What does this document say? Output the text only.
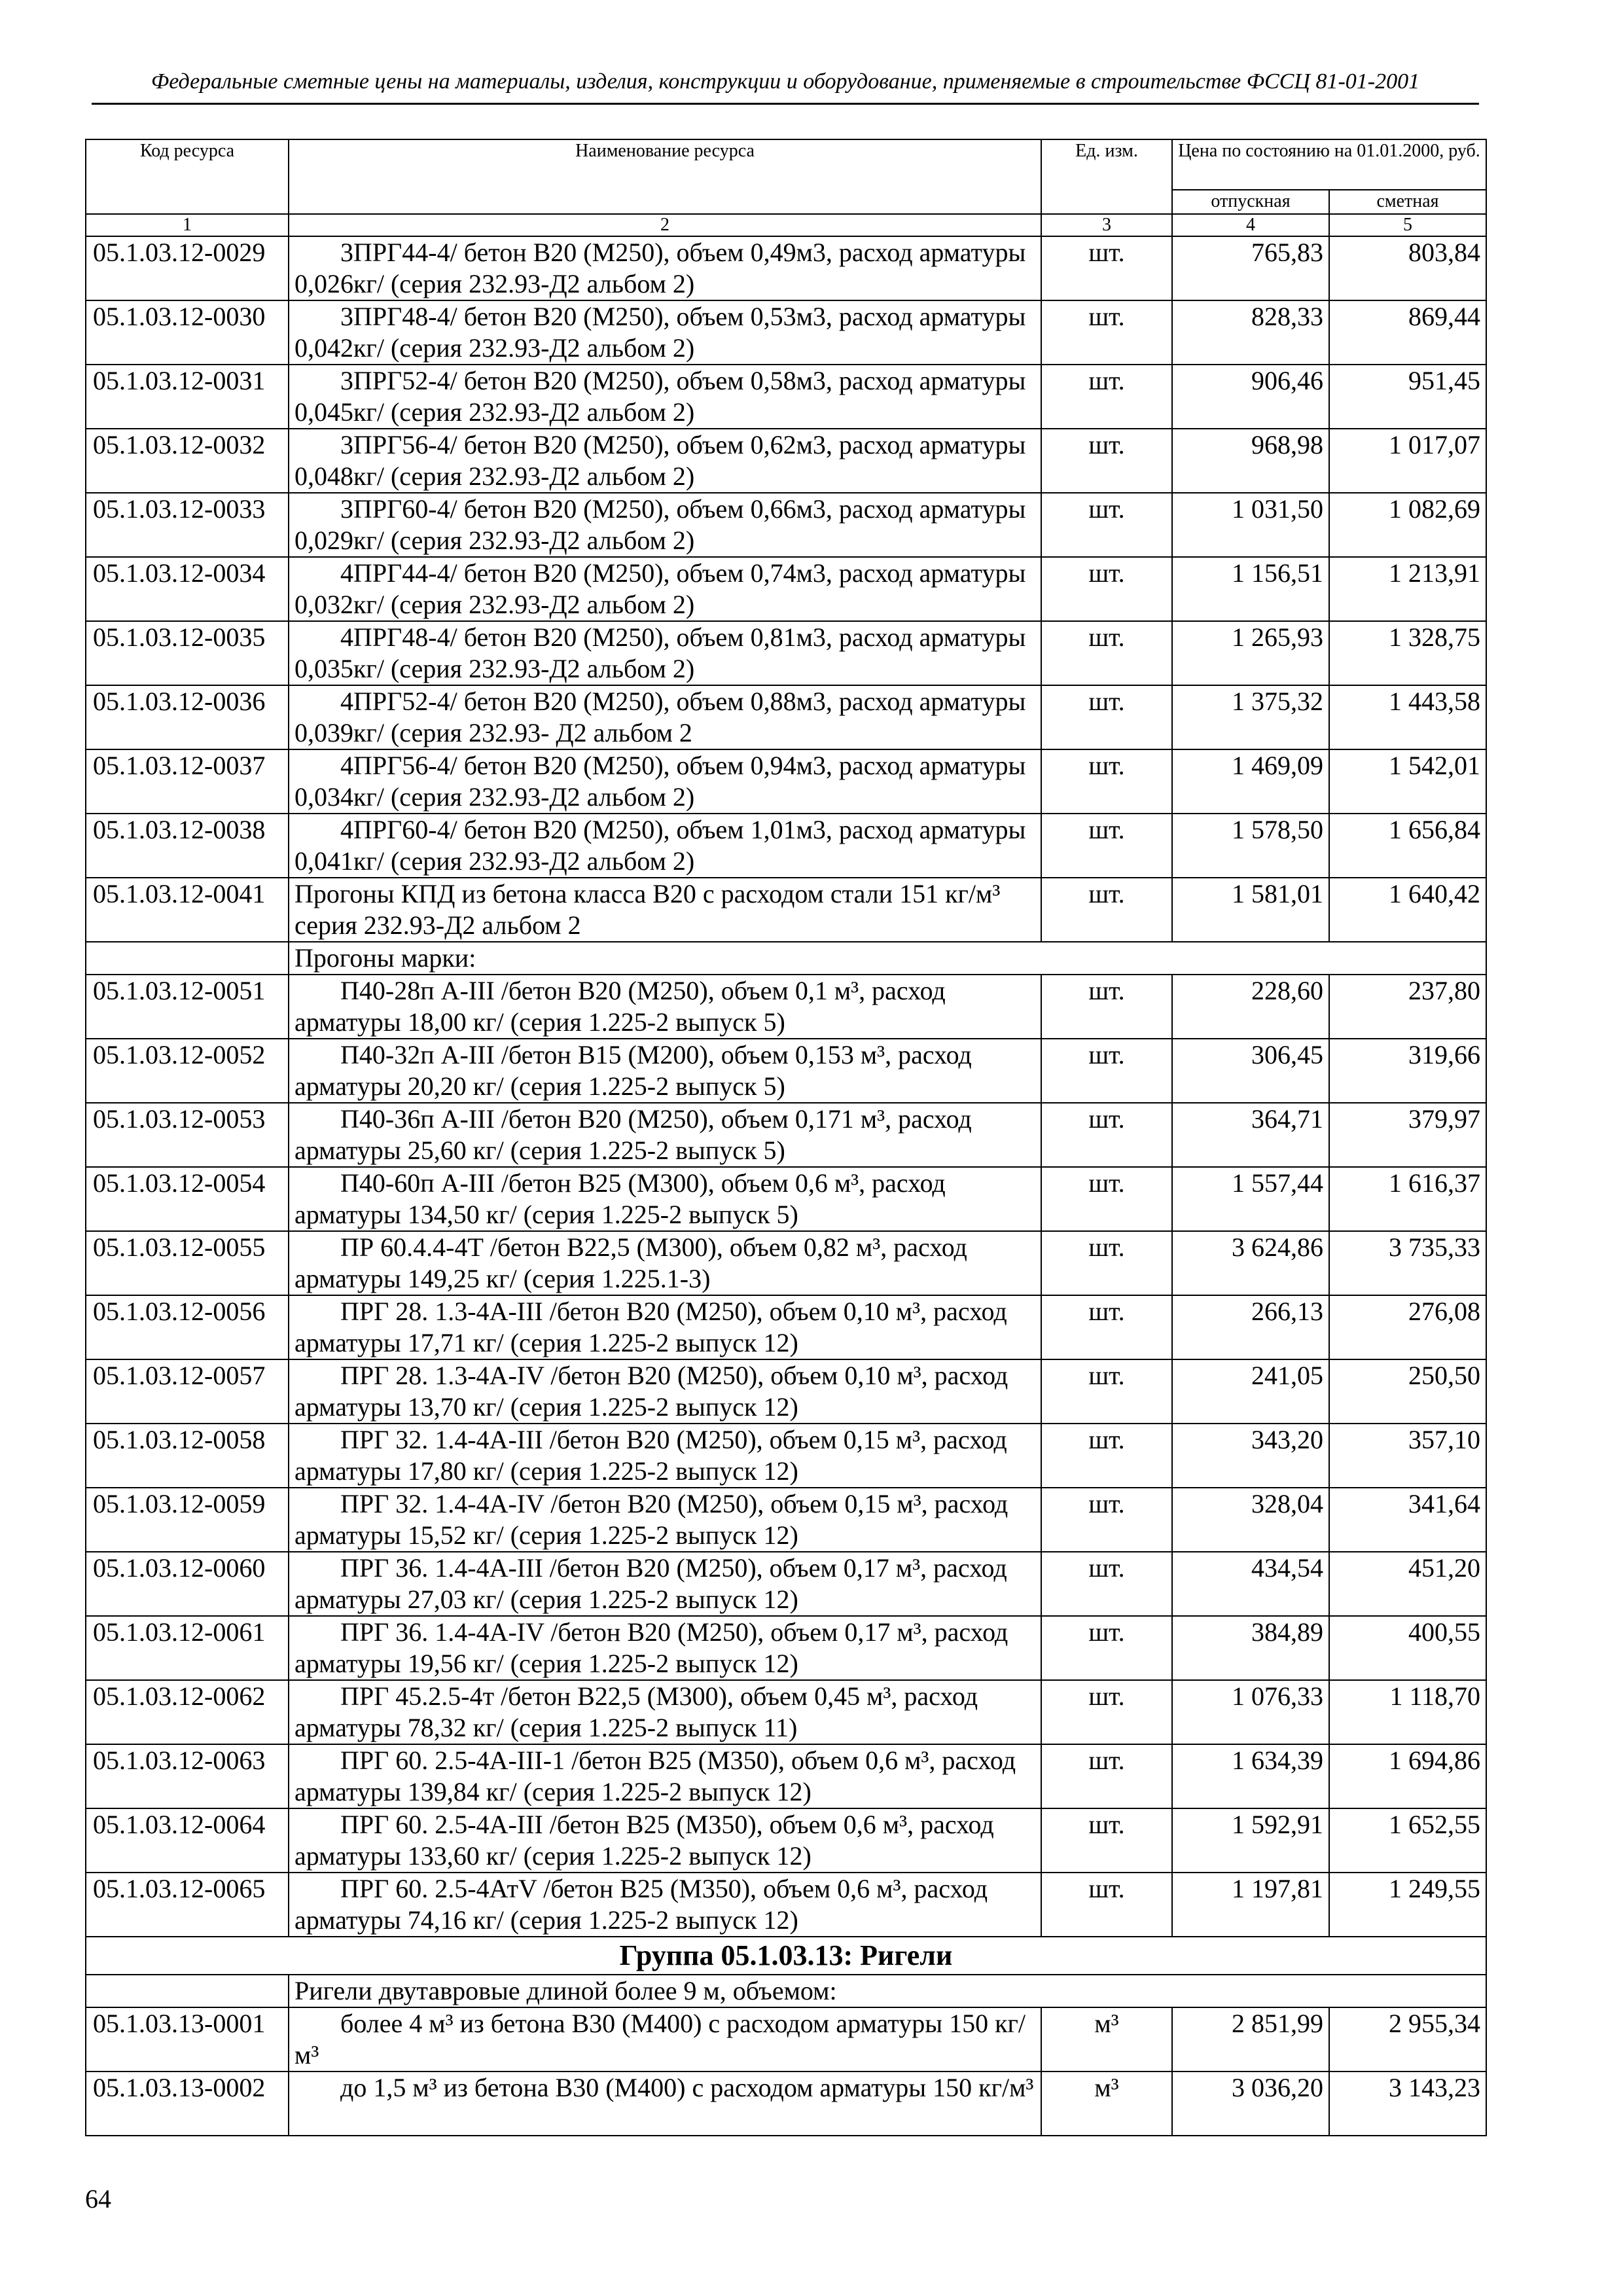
Федеральные сметные цены на материалы, изделия, конструкции и оборудование, применяемые в строительстве ФССЦ 81-01-2001
Код ресурса	Наименование ресурса	Ед. изм.	Цена по состоянию на 01.01.2000, руб.	
			отпускная	сметная
1	2	3	4	5
05.1.03.12-0029	3ПРГ44-4/ бетон В20 (М250), объем 0,49м3, расход арматуры 0,026кг/ (серия 232.93-Д2 альбом 2)	шт.	765,83	803,84
05.1.03.12-0030	3ПРГ48-4/ бетон В20 (М250), объем 0,53м3, расход арматуры 0,042кг/ (серия 232.93-Д2 альбом 2)	шт.	828,33	869,44
05.1.03.12-0031	3ПРГ52-4/ бетон В20 (М250), объем 0,58м3, расход арматуры 0,045кг/ (серия 232.93-Д2 альбом 2)	шт.	906,46	951,45
05.1.03.12-0032	3ПРГ56-4/ бетон В20 (М250), объем 0,62м3, расход арматуры 0,048кг/ (серия 232.93-Д2 альбом 2)	шт.	968,98	1 017,07
05.1.03.12-0033	3ПРГ60-4/ бетон В20 (М250), объем 0,66м3, расход арматуры 0,029кг/ (серия 232.93-Д2 альбом 2)	шт.	1 031,50	1 082,69
05.1.03.12-0034	4ПРГ44-4/ бетон В20 (М250), объем 0,74м3, расход арматуры 0,032кг/ (серия 232.93-Д2 альбом 2)	шт.	1 156,51	1 213,91
05.1.03.12-0035	4ПРГ48-4/ бетон В20 (М250), объем 0,81м3, расход арматуры 0,035кг/ (серия 232.93-Д2 альбом 2)	шт.	1 265,93	1 328,75
05.1.03.12-0036	4ПРГ52-4/ бетон В20 (М250), объем 0,88м3, расход арматуры 0,039кг/ (серия 232.93- Д2 альбом 2	шт.	1 375,32	1 443,58
05.1.03.12-0037	4ПРГ56-4/ бетон В20 (М250), объем 0,94м3, расход арматуры 0,034кг/ (серия 232.93-Д2 альбом 2)	шт.	1 469,09	1 542,01
05.1.03.12-0038	4ПРГ60-4/ бетон В20 (М250), объем 1,01м3, расход арматуры 0,041кг/ (серия 232.93-Д2 альбом 2)	шт.	1 578,50	1 656,84
05.1.03.12-0041	Прогоны КПД из бетона класса В20 с расходом стали 151 кг/м³ серия 232.93-Д2 альбом 2	шт.	1 581,01	1 640,42
	Прогоны марки:			
05.1.03.12-0051	П40-28п А-III /бетон В20 (М250), объем 0,1 м³, расход арматуры 18,00 кг/ (серия 1.225-2 выпуск 5)	шт.	228,60	237,80
05.1.03.12-0052	П40-32п А-III /бетон В15 (М200), объем 0,153 м³, расход арматуры 20,20 кг/ (серия 1.225-2 выпуск 5)	шт.	306,45	319,66
05.1.03.12-0053	П40-36п А-III /бетон В20 (М250), объем 0,171 м³, расход арматуры 25,60 кг/ (серия 1.225-2 выпуск 5)	шт.	364,71	379,97
05.1.03.12-0054	П40-60п А-III /бетон В25 (М300), объем 0,6 м³, расход арматуры 134,50 кг/ (серия 1.225-2 выпуск 5)	шт.	1 557,44	1 616,37
05.1.03.12-0055	ПР 60.4.4-4Т /бетон В22,5 (М300), объем 0,82 м³, расход арматуры 149,25 кг/ (серия 1.225.1-3)	шт.	3 624,86	3 735,33
05.1.03.12-0056	ПРГ 28. 1.3-4А-III /бетон В20 (М250), объем 0,10 м³, расход арматуры 17,71 кг/ (серия 1.225-2 выпуск 12)	шт.	266,13	276,08
05.1.03.12-0057	ПРГ 28. 1.3-4А-IV /бетон В20 (М250), объем 0,10 м³, расход арматуры 13,70 кг/ (серия 1.225-2 выпуск 12)	шт.	241,05	250,50
05.1.03.12-0058	ПРГ 32. 1.4-4А-III /бетон В20 (М250), объем 0,15 м³, расход арматуры 17,80 кг/ (серия 1.225-2 выпуск 12)	шт.	343,20	357,10
05.1.03.12-0059	ПРГ 32. 1.4-4А-IV /бетон В20 (М250), объем 0,15 м³, расход арматуры 15,52 кг/ (серия 1.225-2 выпуск 12)	шт.	328,04	341,64
05.1.03.12-0060	ПРГ 36. 1.4-4А-III /бетон В20 (М250), объем 0,17 м³, расход арматуры 27,03 кг/ (серия 1.225-2 выпуск 12)	шт.	434,54	451,20
05.1.03.12-0061	ПРГ 36. 1.4-4А-IV /бетон В20 (М250), объем 0,17 м³, расход арматуры 19,56 кг/ (серия 1.225-2 выпуск 12)	шт.	384,89	400,55
05.1.03.12-0062	ПРГ 45.2.5-4т /бетон В22,5 (М300), объем 0,45 м³, расход арматуры 78,32 кг/ (серия 1.225-2 выпуск 11)	шт.	1 076,33	1 118,70
05.1.03.12-0063	ПРГ 60. 2.5-4А-III-1 /бетон В25 (М350), объем 0,6 м³, расход арматуры 139,84 кг/ (серия 1.225-2 выпуск 12)	шт.	1 634,39	1 694,86
05.1.03.12-0064	ПРГ 60. 2.5-4А-III /бетон В25 (М350), объем 0,6 м³, расход арматуры 133,60 кг/ (серия 1.225-2 выпуск 12)	шт.	1 592,91	1 652,55
05.1.03.12-0065	ПРГ 60. 2.5-4АтV /бетон В25 (М350), объем 0,6 м³, расход арматуры 74,16 кг/ (серия 1.225-2 выпуск 12)	шт.	1 197,81	1 249,55
Группа 05.1.03.13: Ригели				
	Ригели двутавровые длиной более 9 м, объемом:			
05.1.03.13-0001	более 4 м³ из бетона В30 (М400) с расходом арматуры 150 кг/м³	м³	2 851,99	2 955,34
05.1.03.13-0002	до 1,5 м³ из бетона В30 (М400) с расходом арматуры 150 кг/м³	м³	3 036,20	3 143,23
64
